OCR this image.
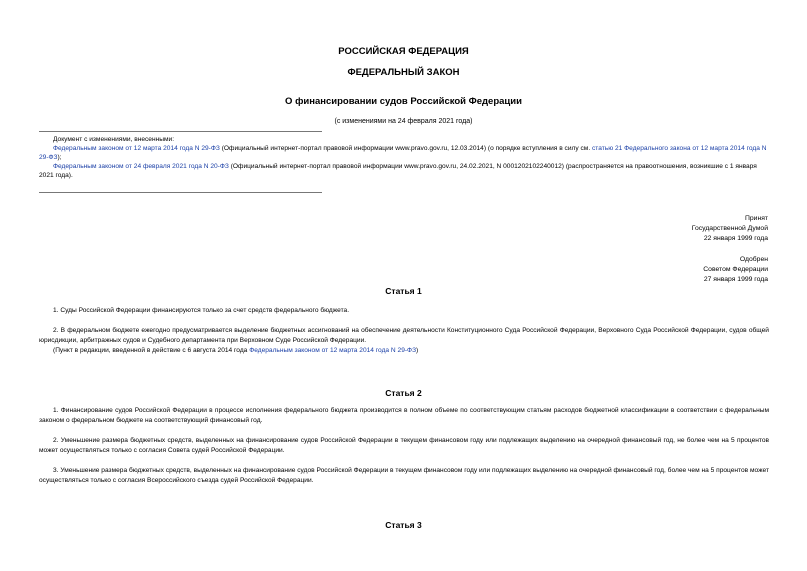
РОССИЙСКАЯ ФЕДЕРАЦИЯ
ФЕДЕРАЛЬНЫЙ ЗАКОН
О финансировании судов Российской Федерации
(с изменениями на 24 февраля 2021 года)

Документ с изменениями, внесенными:

Федеральным законом от 12 марта 2014 года N 29-ФЗ (Официальный интернет-портал правовой информации www.pravo.gov.ru, 12.03.2014) (о порядке вступления в силу см. статью 21 Федерального закона от 12 марта 2014 года N 29-ФЗ);

Федеральным законом от 24 февраля 2021 года N 20-ФЗ (Официальный интернет-портал правовой информации www.pravo.gov.ru, 24.02.2021, N 0001202102240012) (распространяется на правоотношения, возникшие с 1 января 2021 года).

Принят
Государственной Думой
22 января 1999 года
Одобрен
Советом Федерации
27 января 1999 года
Статья 1

1. Суды Российской Федерации финансируются только за счет средств федерального бюджета.

2. В федеральном бюджете ежегодно предусматривается выделение бюджетных ассигнований на обеспечение деятельности Конституционного Суда Российской Федерации, Верховного Суда Российской Федерации, судов общей юрисдикции, арбитражных судов и Судебного департамента при Верховном Суде Российской Федерации.

(Пункт в редакции, введенной в действие с 6 августа 2014 года Федеральным законом от 12 марта 2014 года N 29-ФЗ)

Статья 2

1. Финансирование судов Российской Федерации в процессе исполнения федерального бюджета производится в полном объеме по соответствующим статьям расходов бюджетной классификации в соответствии с федеральным законом о федеральном бюджете на соответствующий финансовый год.

2. Уменьшение размера бюджетных средств, выделенных на финансирование судов Российской Федерации в текущем финансовом году или подлежащих выделению на очередной финансовый год, не более чем на 5 процентов может осуществляться только с согласия Совета судей Российской Федерации.

3. Уменьшение размера бюджетных средств, выделенных на финансирование судов Российской Федерации в текущем финансовом году или подлежащих выделению на очередной финансовый год, более чем на 5 процентов может осуществляться только с согласия Всероссийского съезда судей Российской Федерации.

Статья 3
